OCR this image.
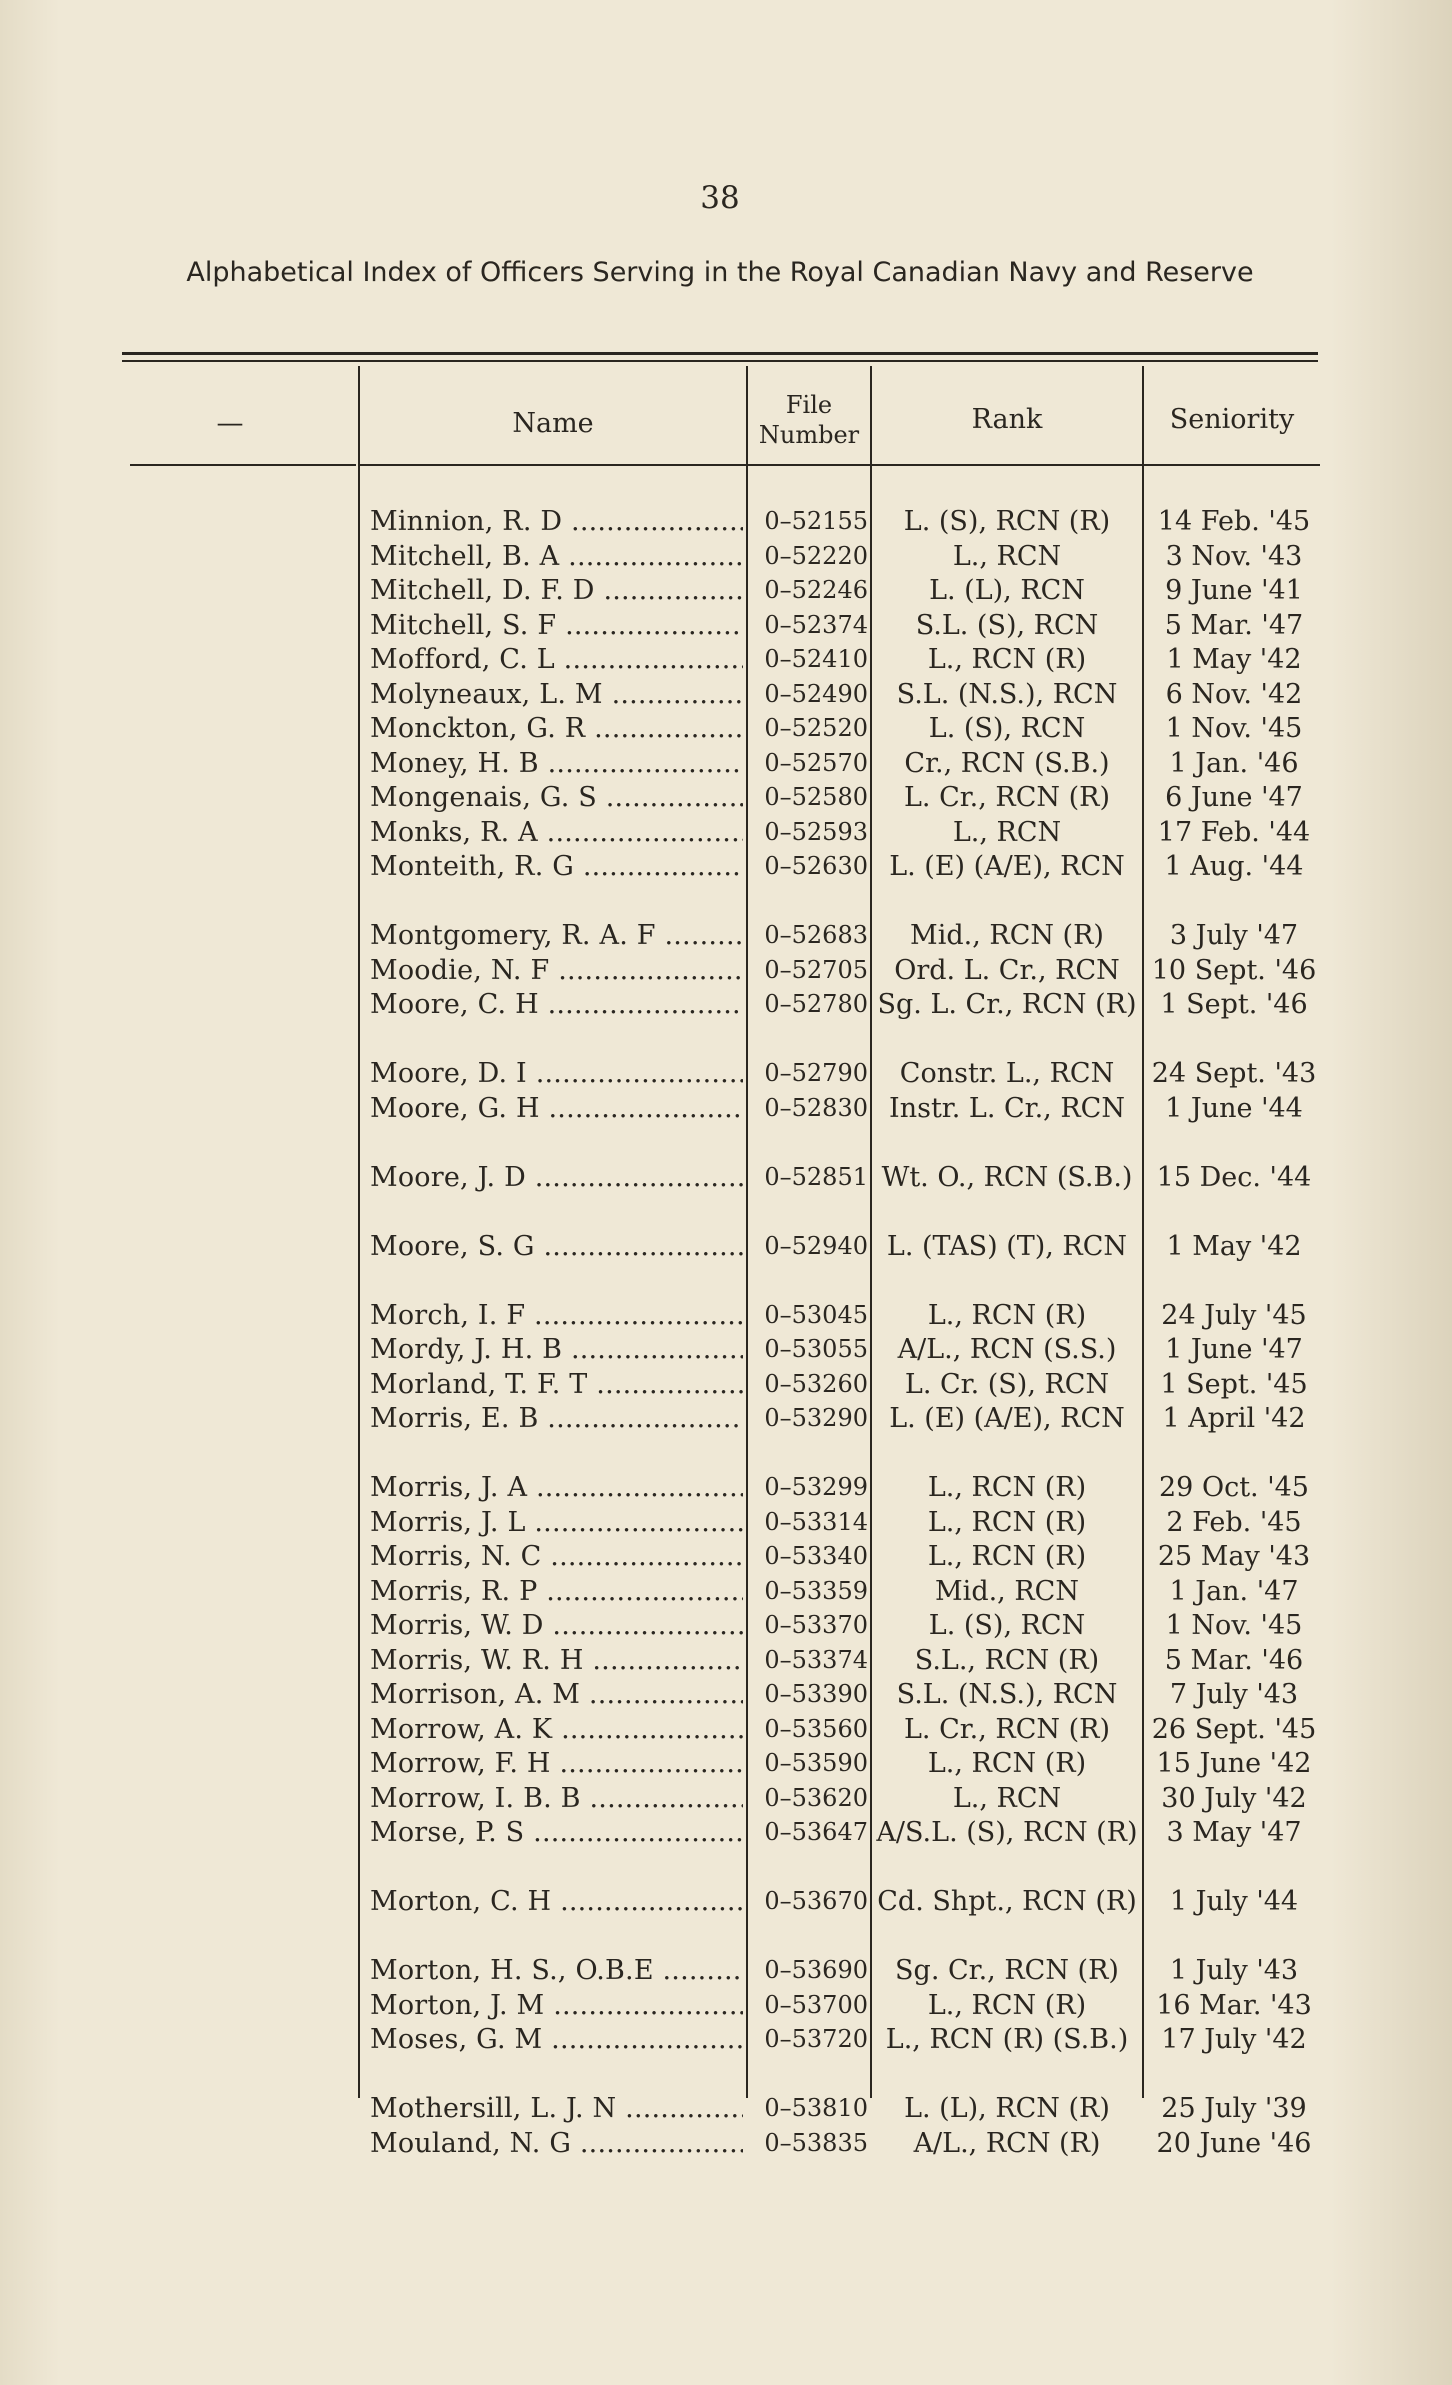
38
Alphabetical Index of Officers Serving in the Royal Canadian Navy and Reserve
—	Name
File Number	Rank	Seniority
Minnion, R. D .....	0–52155	L. (S), RCN (R)	14 Feb. '45
Mitchell, B. A .....	0–52220	L., RCN	3 Nov. '43
Mitchell, D. F. D .....	0–52246	L. (L), RCN	9 June '41
Mitchell, S. F .....	0–52374	S.L. (S), RCN	5 Mar. '47
Mofford, C. L .....	0–52410	L., RCN (R)	1 May '42
Molyneaux, L. M .....	0–52490	S.L. (N.S.), RCN	6 Nov. '42
Monckton, G. R .....	0–52520	L. (S), RCN	1 Nov. '45
Money, H. B .....	0–52570	Cr., RCN (S.B.)	1 Jan. '46
Mongenais, G. S .....	0–52580	L. Cr., RCN (R)	6 June '47
Monks, R. A .....	0–52593	L., RCN	17 Feb. '44
Monteith, R. G .....	0–52630 L. (E) (A/E), RCN	1 Aug. '44
Montgomery, R. A. F .....	0–52683	Mid., RCN (R)	3 July '47
Moodie, N. F .....	0–52705 Ord. L. Cr., RCN	10 Sept. '46
Moore, C. H .....	0–52780 Sg. L. Cr., RCN (R) 1 Sept. '46
Moore, D. I .....	0–52790	Constr. L., RCN	24 Sept. '43
Moore, G. H .....	0–52830 Instr. L. Cr., RCN	1 June '44
Moore, J. D .....	0–52851 Wt. O., RCN (S.B.) 15 Dec. '44
Moore, S. G .....	0–52940 L. (TAS) (T), RCN	1 May '42
Morch, I. F .....	0–53045	L., RCN (R)	24 July '45
Mordy, J. H. B .....	0–53055	A/L., RCN (S.S.)	1 June '47
Morland, T. F. T .....	0–53260	L. Cr. (S), RCN	1 Sept. '45
Morris, E. B .....	0–53290 L. (E) (A/E), RCN	1 April '42
Morris, J. A .....	0–53299	L., RCN (R)	29 Oct. '45
Morris, J. L .....	0–53314	L., RCN (R)	2 Feb. '45
Morris, N. C .....	0–53340	L., RCN (R)	25 May '43
Morris, R. P .....	0–53359	Mid., RCN	1 Jan. '47
Morris, W. D .....	0–53370	L. (S), RCN	1 Nov. '45
Morris, W. R. H .....	0–53374	S.L., RCN (R)	5 Mar. '46
Morrison, A. M .....	0–53390	S.L. (N.S.), RCN	7 July '43
Morrow, A. K .....	0–53560	L. Cr., RCN (R)	26 Sept. '45
Morrow, F. H .....	0–53590	L., RCN (R)	15 June '42
Morrow, I. B. B .....	0–53620	L., RCN	30 July '42
Morse, P. S .....	0–53647 A/S.L. (S), RCN (R)	3 May '47
Morton, C. H .....	0–53670 Cd. Shpt., RCN (R)	1 July '44
Morton, H. S., O.B.E .....	0–53690	Sg. Cr., RCN (R)	1 July '43
Morton, J. M .....	0–53700	L., RCN (R)	16 Mar. '43
Moses, G. M .....	0–53720 L., RCN (R) (S.B.)	17 July '42
Mothersill, L. J. N .....	0–53810	L. (L), RCN (R)	25 July '39
Mouland, N. G .....	0–53835	A/L., RCN (R)	20 June '46
